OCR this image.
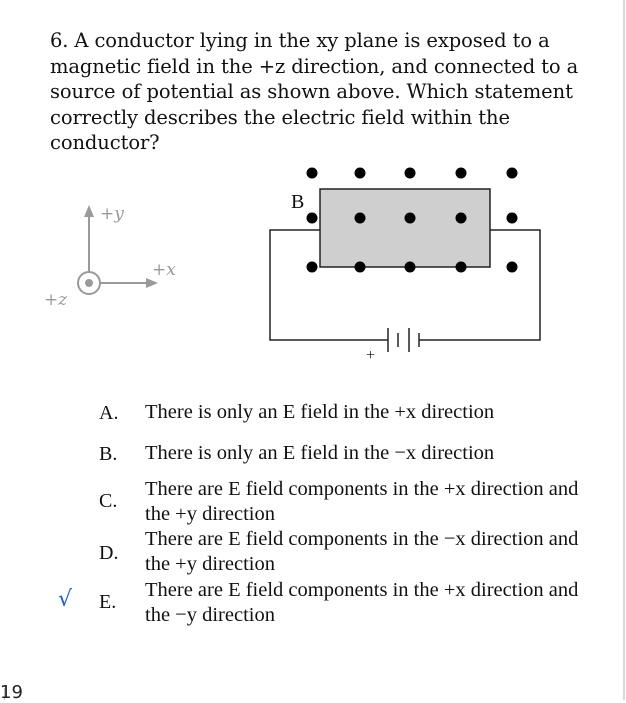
6. A conductor lying in the xy plane is exposed to a magnetic field in the +z direction, and connected to a source of potential as shown above. Which statement correctly describes the electric field within the conductor?
+y
+x
+z
+
B
A. There is only an E field in the +x direction
B. There is only an E field in the −x direction
C.
There are E field components in the +x direction and the +y direction
D.
There are E field components in the −x direction and the +y direction
√ E.
There are E field components in the +x direction and the −y direction
19
